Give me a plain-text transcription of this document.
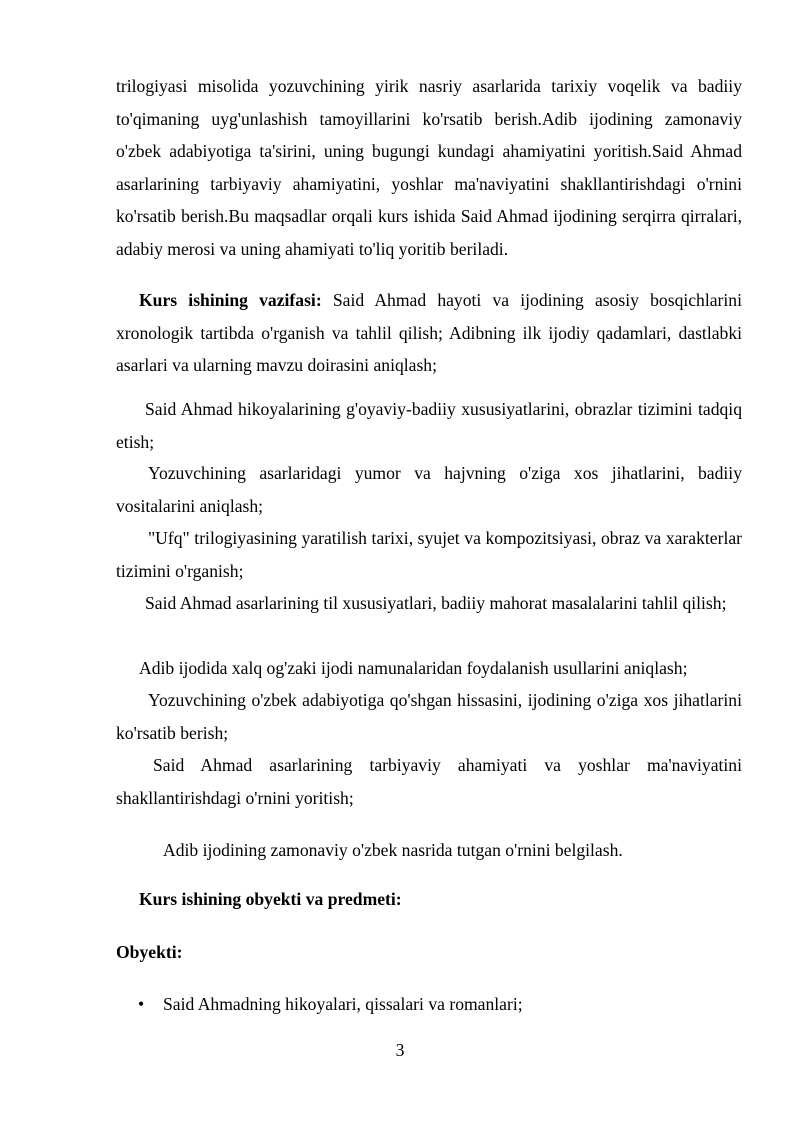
trilogiyasi misolida yozuvchining yirik nasriy asarlarida tarixiy voqelik va badiiy to'qimaning uyg'unlashish tamoyillarini ko'rsatib berish.Adib ijodining zamonaviy o'zbek adabiyotiga ta'sirini, uning bugungi kundagi ahamiyatini yoritish.Said Ahmad asarlarining tarbiyaviy ahamiyatini, yoshlar ma'naviyatini shakllantirishdagi o'rnini ko'rsatib berish.Bu maqsadlar orqali kurs ishida Said Ahmad ijodining serqirra qirralari, adabiy merosi va uning ahamiyati to'liq yoritib beriladi.

Kurs ishining vazifasi: Said Ahmad hayoti va ijodining asosiy bosqichlarini xronologik tartibda o'rganish va tahlil qilish; Adibning ilk ijodiy qadamlari, dastlabki asarlari va ularning mavzu doirasini aniqlash;

Said Ahmad hikoyalarining g'oyaviy-badiiy xususiyatlarini, obrazlar tizimini tadqiq etish;

Yozuvchining asarlaridagi yumor va hajvning o'ziga xos jihatlarini, badiiy vositalarini aniqlash;

"Ufq" trilogiyasining yaratilish tarixi, syujet va kompozitsiyasi, obraz va xarakterlar tizimini o'rganish;

Said Ahmad asarlarining til xususiyatlari, badiiy mahorat masalalarini tahlil qilish;

Adib ijodida xalq og'zaki ijodi namunalaridan foydalanish usullarini aniqlash;

Yozuvchining o'zbek adabiyotiga qo'shgan hissasini, ijodining o'ziga xos jihatlarini ko'rsatib berish;

Said Ahmad asarlarining tarbiyaviy ahamiyati va yoshlar ma'naviyatini shakllantirishdagi o'rnini yoritish;

Adib ijodining zamonaviy o'zbek nasrida tutgan o'rnini belgilash.

Kurs ishining obyekti va predmeti:

Obyekti:

• Said Ahmadning hikoyalari, qissalari va romanlari;
3
